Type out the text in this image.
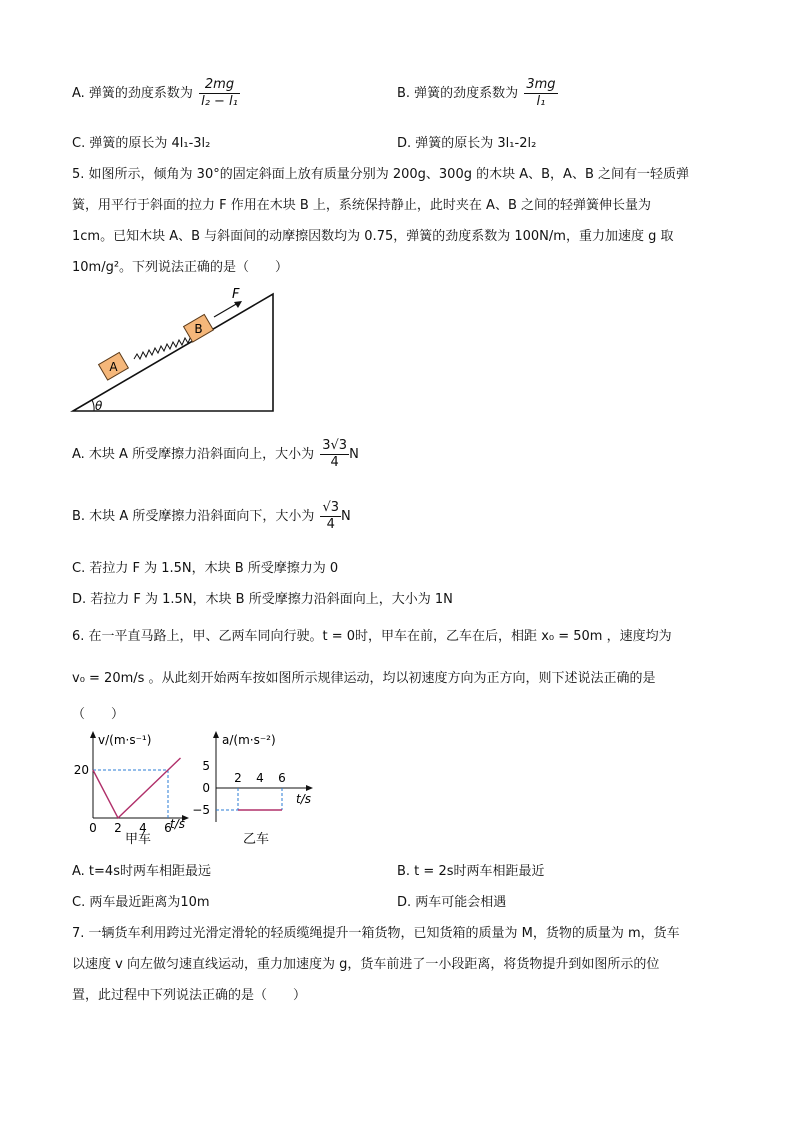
A. 弹簧的劲度系数为 $\frac{2mg}{\text{l₂ − l₁}}$	B. 弹簧的劲度系数为 $\frac{3mg}{\text{l₁}}$
C. 弹簧的原长为 4l₁-3l₂	D. 弹簧的原长为 3l₁-2l₂
5. 如图所示，倾角为 30°的固定斜面上放有质量分别为 200g、300g 的木块 A、B，A、B 之间有一轻质弹
簧，用平行于斜面的拉力 F 作用在木块 B 上，系统保持静止，此时夹在 A、B 之间的轻弹簧伸长量为
1cm。已知木块 A、B 与斜面间的动摩擦因数均为 0.75，弹簧的劲度系数为 100N/m，重力加速度 g 取
10m/g²。下列说法正确的是（　　）
θ
A
B
F
A. 木块 A 所受摩擦力沿斜面向上，大小为 $\frac{3√3}{4}$ N
B. 木块 A 所受摩擦力沿斜面向下，大小为 $\frac{√3}{4}$ N
C. 若拉力 F 为 1.5N，木块 B 所受摩擦力为 0
D. 若拉力 F 为 1.5N，木块 B 所受摩擦力沿斜面向上，大小为 1N
6. 在一平直马路上，甲、乙两车同向行驶。t = 0时，甲车在前，乙车在后，相距 x₀ = 50m ，速度均为
v₀ = 20m/s 。从此刻开始两车按如图所示规律运动，均以初速度方向为正方向，则下述说法正确的是
（　　）
v/(m·s⁻¹)
t/s
甲车
20
0 2 4 6
a/(m·s⁻²)
t/s
乙车
5
0
−5
2 4 6
A. t=4s时两车相距最远	B. t = 2s时两车相距最近
C. 两车最近距离为10m	D. 两车可能会相遇
7. 一辆货车利用跨过光滑定滑轮的轻质缆绳提升一箱货物，已知货箱的质量为 M，货物的质量为 m，货车
以速度 v 向左做匀速直线运动，重力加速度为 g，货车前进了一小段距离，将货物提升到如图所示的位
置，此过程中下列说法正确的是（　　）
